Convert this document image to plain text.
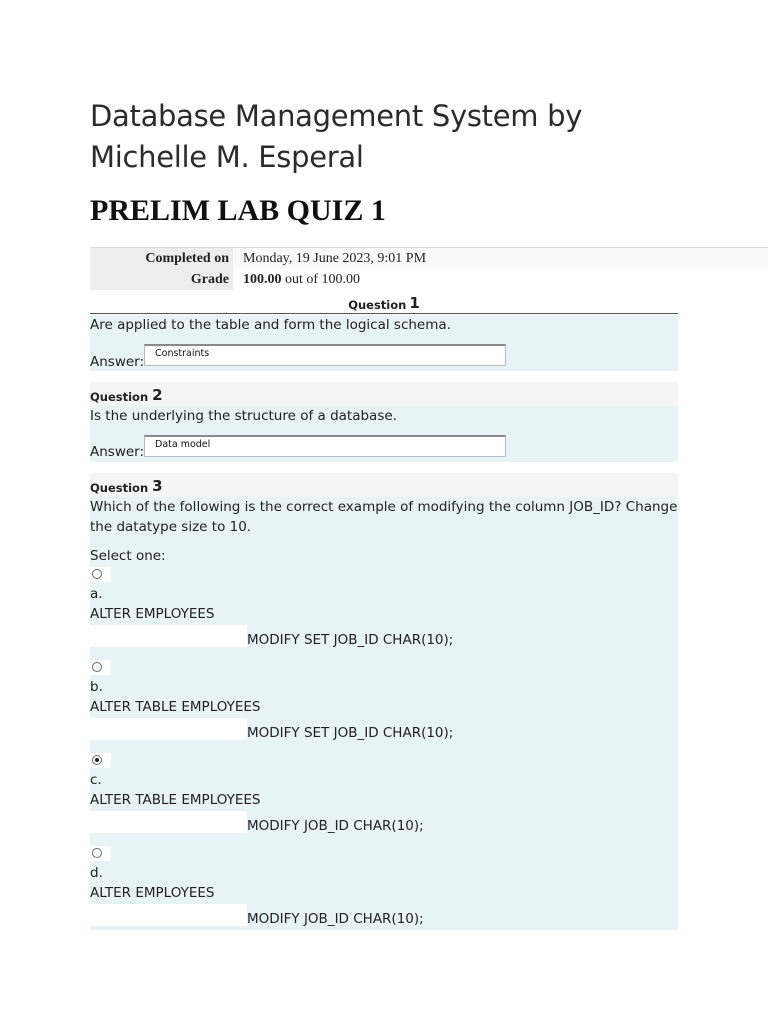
Database Management System by Michelle M. Esperal
PRELIM LAB QUIZ 1
Completed on	Monday, 19 June 2023, 9:01 PM
Grade	100.00 out of 100.00
Question 1
Are applied to the table and form the logical schema.
Answer:
Constraints
Question 2
Is the underlying the structure of a database.
Answer:	Data model
Question 3
Which of the following is the correct example of modifying the column JOB_ID? Change the datatype size to 10.
Select one:
a.
ALTER EMPLOYEES
MODIFY SET JOB_ID CHAR(10);
b.
ALTER TABLE EMPLOYEES
MODIFY SET JOB_ID CHAR(10);
c.
ALTER TABLE EMPLOYEES
MODIFY JOB_ID CHAR(10);
d.
ALTER EMPLOYEES
MODIFY JOB_ID CHAR(10);
